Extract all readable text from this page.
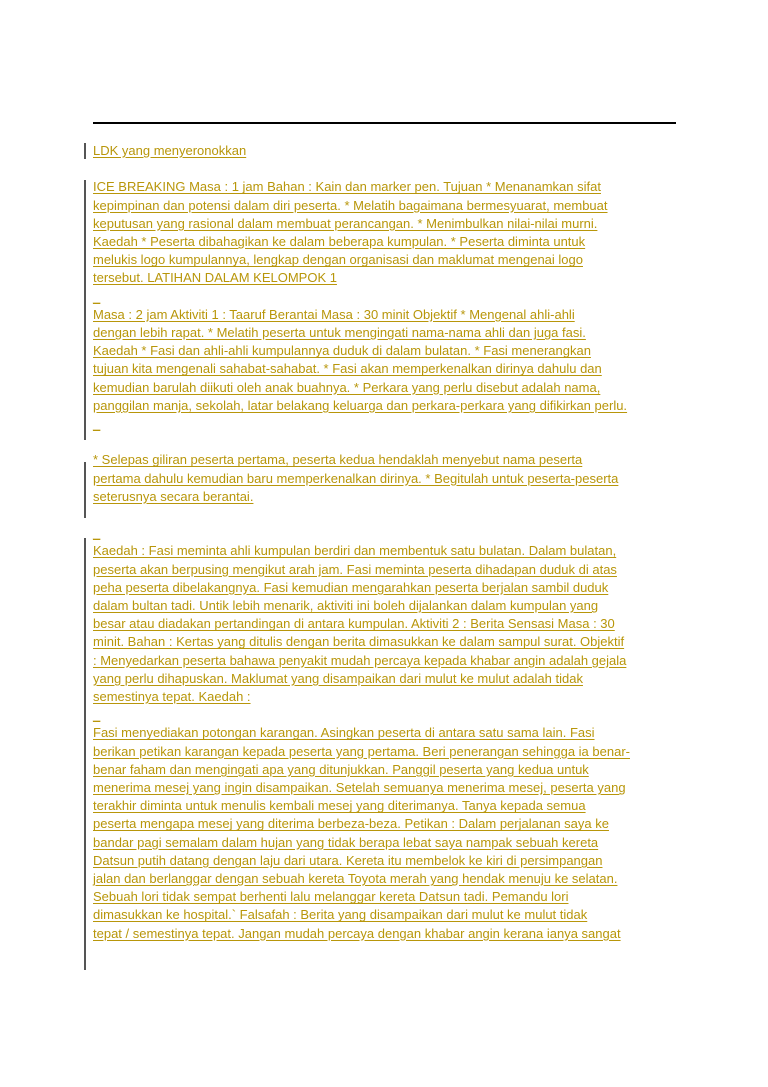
LDK yang menyeronokkan
ICE BREAKING Masa : 1 jam Bahan : Kain dan marker pen. Tujuan * Menanamkan sifat
kepimpinan dan potensi dalam diri peserta. * Melatih bagaimana bermesyuarat, membuat
keputusan yang rasional dalam membuat perancangan. * Menimbulkan nilai-nilai murni.
Kaedah * Peserta dibahagikan ke dalam beberapa kumpulan. * Peserta diminta untuk
melukis logo kumpulannya, lengkap dengan organisasi dan maklumat mengenai logo
tersebut. LATIHAN DALAM KELOMPOK 1
_
Masa : 2 jam Aktiviti 1 : Taaruf Berantai Masa : 30 minit Objektif * Mengenal ahli-ahli
dengan lebih rapat. * Melatih peserta untuk mengingati nama-nama ahli dan juga fasi.
Kaedah * Fasi dan ahli-ahli kumpulannya duduk di dalam bulatan. * Fasi menerangkan
tujuan kita mengenali sahabat-sahabat. * Fasi akan memperkenalkan dirinya dahulu dan
kemudian barulah diikuti oleh anak buahnya. * Perkara yang perlu disebut adalah nama,
panggilan manja, sekolah, latar belakang keluarga dan perkara-perkara yang difikirkan perlu.
_
* Selepas giliran peserta pertama, peserta kedua hendaklah menyebut nama peserta
pertama dahulu kemudian baru memperkenalkan dirinya. * Begitulah untuk peserta-peserta
seterusnya secara berantai.
_
Kaedah : Fasi meminta ahli kumpulan berdiri dan membentuk satu bulatan. Dalam bulatan,
peserta akan berpusing mengikut arah jam. Fasi meminta peserta dihadapan duduk di atas
peha peserta dibelakangnya. Fasi kemudian mengarahkan peserta berjalan sambil duduk
dalam bultan tadi. Untik lebih menarik, aktiviti ini boleh dijalankan dalam kumpulan yang
besar atau diadakan pertandingan di antara kumpulan. Aktiviti 2 : Berita Sensasi Masa : 30
minit. Bahan : Kertas yang ditulis dengan berita dimasukkan ke dalam sampul surat. Objektif
: Menyedarkan peserta bahawa penyakit mudah percaya kepada khabar angin adalah gejala
yang perlu dihapuskan. Maklumat yang disampaikan dari mulut ke mulut adalah tidak
semestinya tepat. Kaedah :
_
Fasi menyediakan potongan karangan. Asingkan peserta di antara satu sama lain. Fasi
berikan petikan karangan kepada peserta yang pertama. Beri penerangan sehingga ia benar-
benar faham dan mengingati apa yang ditunjukkan. Panggil peserta yang kedua untuk
menerima mesej yang ingin disampaikan. Setelah semuanya menerima mesej, peserta yang
terakhir diminta untuk menulis kembali mesej yang diterimanya. Tanya kepada semua
peserta mengapa mesej yang diterima berbeza-beza. Petikan : Dalam perjalanan saya ke
bandar pagi semalam dalam hujan yang tidak berapa lebat saya nampak sebuah kereta
Datsun putih datang dengan laju dari utara. Kereta itu membelok ke kiri di persimpangan
jalan dan berlanggar dengan sebuah kereta Toyota merah yang hendak menuju ke selatan.
Sebuah lori tidak sempat berhenti lalu melanggar kereta Datsun tadi. Pemandu lori
dimasukkan ke hospital.` Falsafah : Berita yang disampaikan dari mulut ke mulut tidak
tepat / semestinya tepat. Jangan mudah percaya dengan khabar angin kerana ianya sangat
